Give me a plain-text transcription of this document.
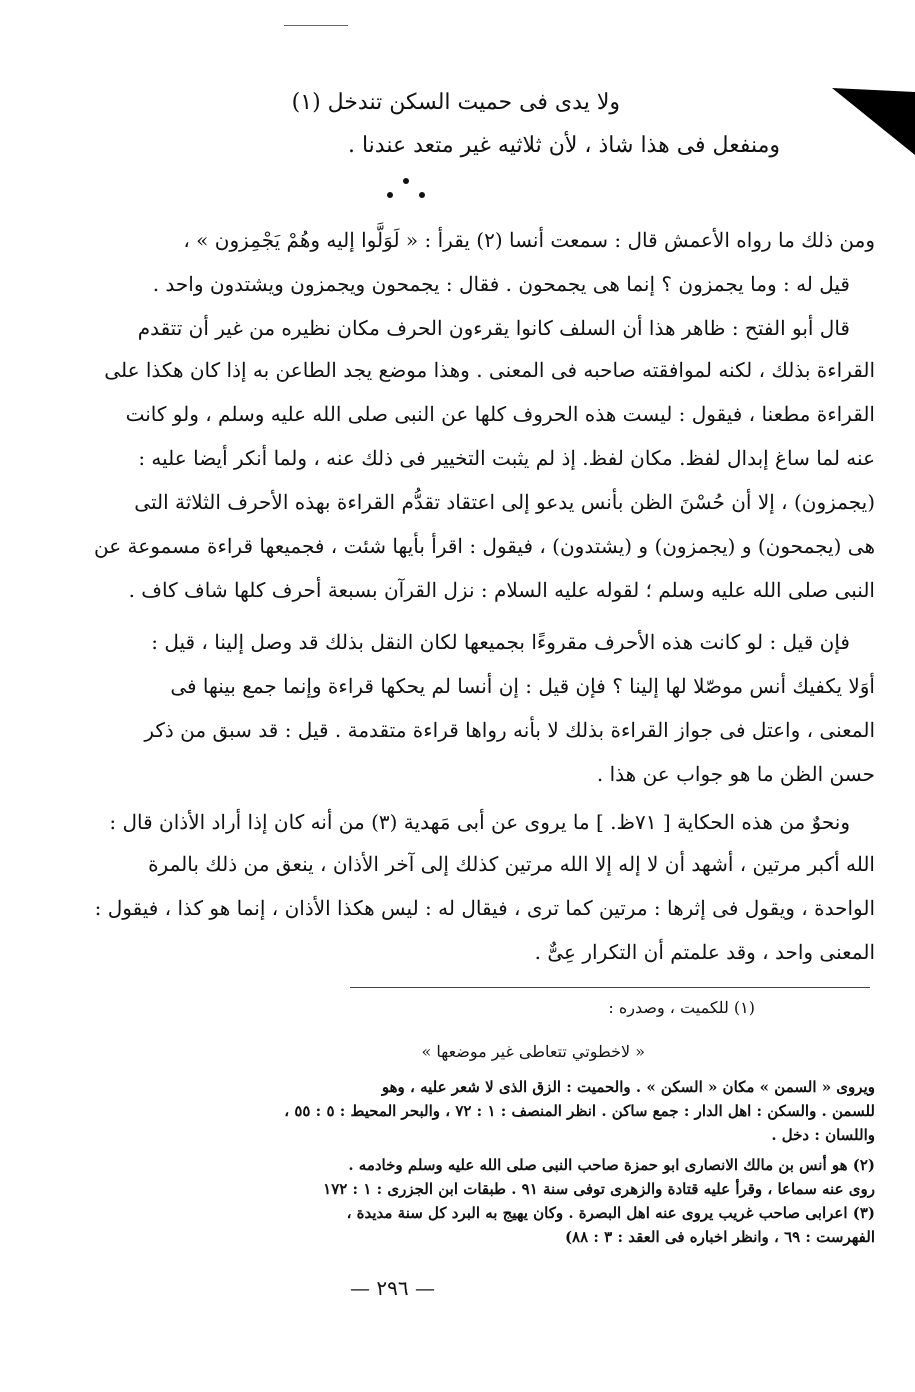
ولا يدى فى حميت السكن تندخل (١)
ومنفعل فى هذا شاذ ، لأن ثلاثيه غير متعد عندنا .
ومن ذلك ما رواه الأعمش قال : سمعت أنسا (٢) يقرأ : « لَوَلَّوا إليه وهُمْ يَجْمِزون » ،
قيل له : وما يجمزون ؟ إنما هى يجمحون . فقال : يجمحون ويجمزون ويشتدون واحد .
قال أبو الفتح : ظاهر هذا أن السلف كانوا يقرءون الحرف مكان نظيره من غير أن تتقدم
القراءة بذلك ، لكنه لموافقته صاحبه فى المعنى . وهذا موضع يجد الطاعن به إذا كان هكذا على
القراءة مطعنا ، فيقول : ليست هذه الحروف كلها عن النبى صلى الله عليه وسلم ، ولو كانت
عنه لما ساغ إبدال لفظ. مكان لفظ. إذ لم يثبت التخيير فى ذلك عنه ، ولما أنكر أيضا عليه :
(يجمزون) ، إلا أن حُسْنَ الظن بأنس يدعو إلى اعتقاد تقدُّم القراءة بهذه الأحرف الثلاثة التى
هى (يجمحون) و (يجمزون) و (يشتدون) ، فيقول : اقرأ بأيها شئت ، فجميعها قراءة مسموعة عن
النبى صلى الله عليه وسلم ؛ لقوله عليه السلام : نزل القرآن بسبعة أحرف كلها شاف كاف .
فإن قيل : لو كانت هذه الأحرف مقروءًا بجميعها لكان النقل بذلك قد وصل إلينا ، قيل :
أوَلا يكفيك أنس موصّلا لها إلينا ؟ فإن قيل : إن أنسا لم يحكها قراءة وإنما جمع بينها فى
المعنى ، واعتل فى جواز القراءة بذلك لا بأنه رواها قراءة متقدمة . قيل : قد سبق من ذكر
حسن الظن ما هو جواب عن هذا .
ونحوٌ من هذه الحكاية [ ٧١ظ. ] ما يروى عن أبى مَهدية (٣) من أنه كان إذا أراد الأذان قال :
الله أكبر مرتين ، أشهد أن لا إله إلا الله مرتين كذلك إلى آخر الأذان ، ينعق من ذلك بالمرة
الواحدة ، ويقول فى إثرها : مرتين كما ترى ، فيقال له : ليس هكذا الأذان ، إنما هو كذا ، فيقول :
المعنى واحد ، وقد علمتم أن التكرار عِىٌّ .
(١) للكميت ، وصدره :
« لاخطوتي تتعاطى غير موضعها »
ويروى « السمن » مكان « السكن » . والحميت : الزق الذى لا شعر عليه ، وهو
للسمن . والسكن : اهل الدار : جمع ساكن . انظر المنصف : ١ : ٧٢ ، والبحر المحيط : ٥ : ٥٥ ،
واللسان : دخل .
(٢) هو أنس بن مالك الانصارى ابو حمزة صاحب النبى صلى الله عليه وسلم وخادمه .
روى عنه سماعا ، وقرأ عليه قتادة والزهرى توفى سنة ٩١ . طبقات ابن الجزرى : ١ : ١٧٢
(٣) اعرابى صاحب غريب يروى عنه اهل البصرة . وكان يهيج به البرد كل سنة مديدة ،
الفهرست : ٦٩ ، وانظر اخباره فى العقد : ٣ : ٨٨)
— ٢٩٦ —
